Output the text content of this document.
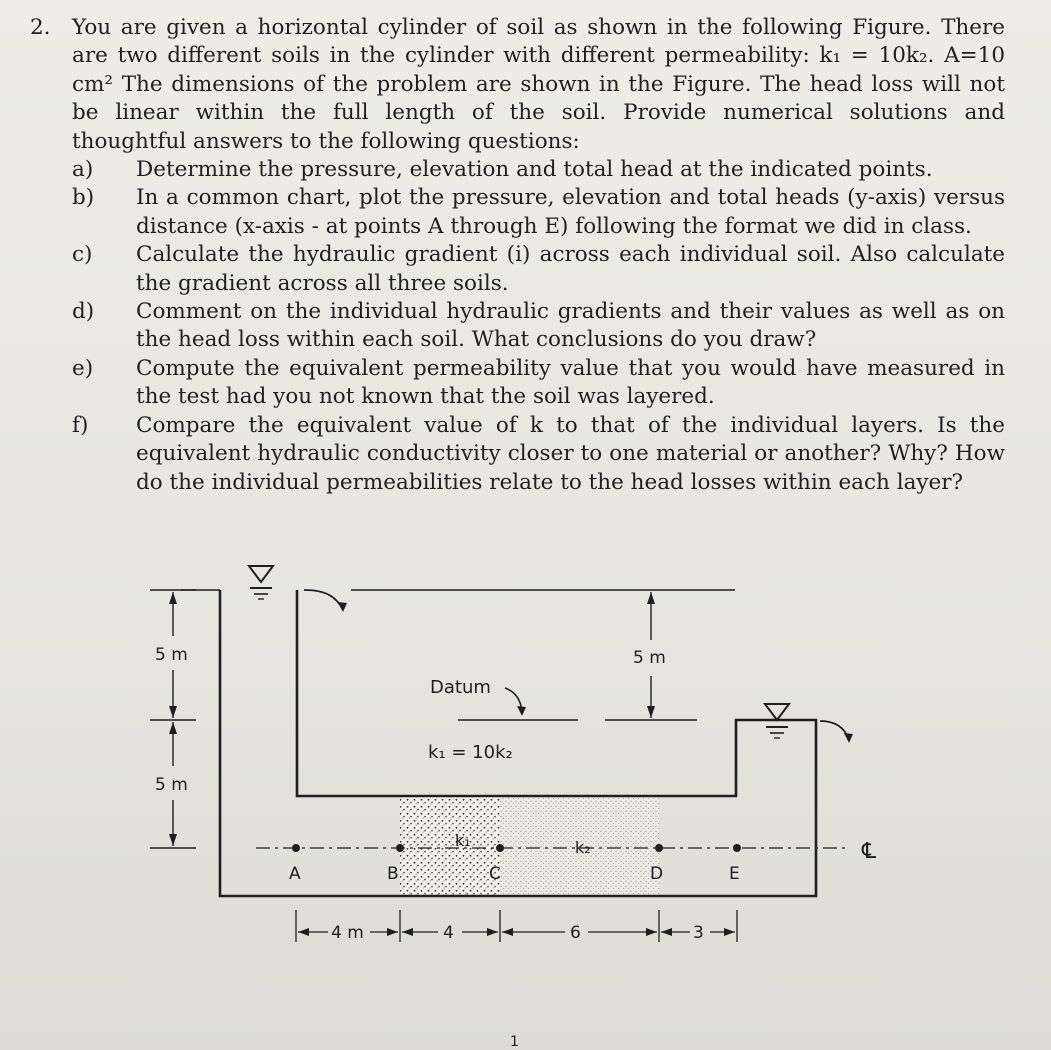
2. You are given a horizontal cylinder of soil as shown in the following Figure. There are two different soils in the cylinder with different permeability: k₁ = 10k₂. A=10 cm² The dimensions of the problem are shown in the Figure. The head loss will not be linear within the full length of the soil. Provide numerical solutions and thoughtful answers to the following questions:

a)	Determine the pressure, elevation and total head at the indicated points.
b)	In a common chart, plot the pressure, elevation and total heads (y-axis) versus distance (x-axis - at points A through E) following the format we did in class.
c)	Calculate the hydraulic gradient (i) across each individual soil. Also calculate the gradient across all three soils.
d)	Comment on the individual hydraulic gradients and their values as well as on the head loss within each soil. What conclusions do you draw?
e)	Compute the equivalent permeability value that you would have measured in the test had you not known that the soil was layered.
f)	Compare the equivalent value of k to that of the individual layers. Is the equivalent hydraulic conductivity closer to one material or another? Why? How do the individual permeabilities relate to the head losses within each layer?
5 m
5 m
5 m
Datum
k₁ = 10k₂
℄
k₁	k₂
A	B	C	D	E
4 m	4	6	3
1
